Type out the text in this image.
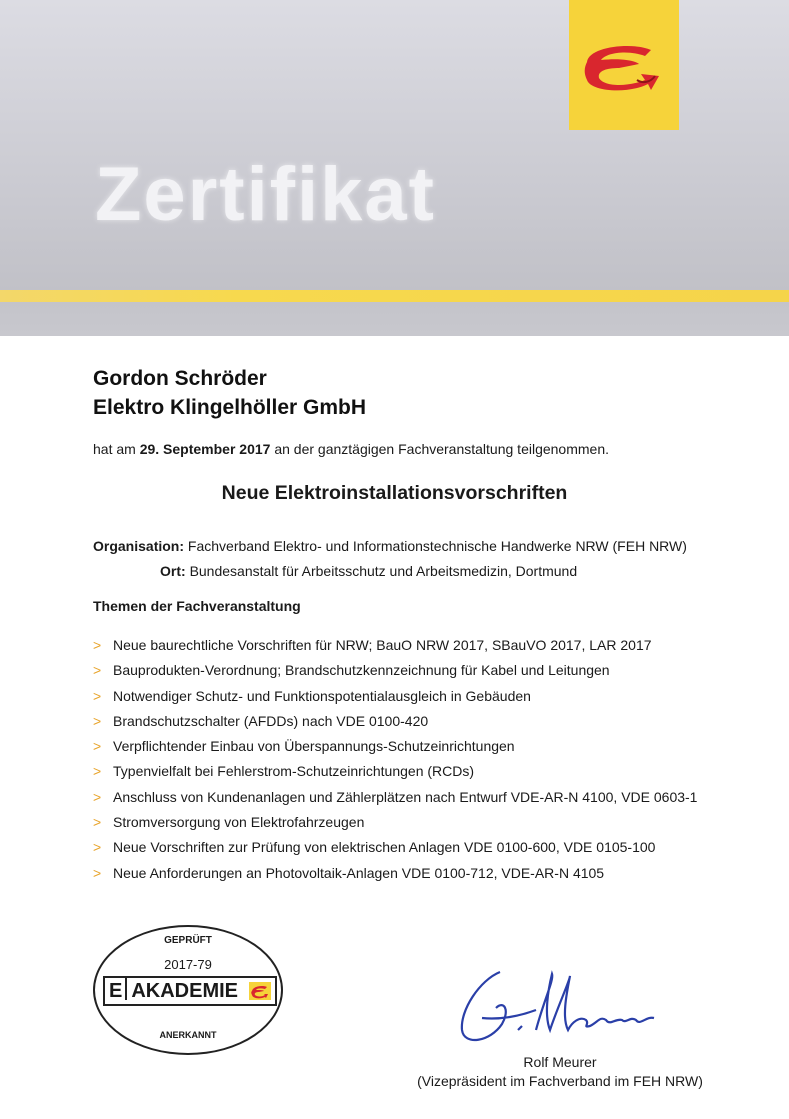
Zertifikat
Gordon Schröder
Elektro Klingelhöller GmbH
hat am 29. September 2017 an der ganztägigen Fachveranstaltung teilgenommen.
Neue Elektroinstallationsvorschriften
Organisation: Fachverband Elektro- und Informationstechnische Handwerke NRW (FEH NRW)
Ort: Bundesanstalt für Arbeitsschutz und Arbeitsmedizin, Dortmund
Themen der Fachveranstaltung
> Neue baurechtliche Vorschriften für NRW; BauO NRW 2017, SBauVO 2017, LAR 2017
> Bauprodukten-Verordnung; Brandschutzkennzeichnung für Kabel und Leitungen
> Notwendiger Schutz- und Funktionspotentialausgleich in Gebäuden
> Brandschutzschalter (AFDDs) nach VDE 0100-420
> Verpflichtender Einbau von Überspannungs-Schutzeinrichtungen
> Typenvielfalt bei Fehlerstrom-Schutzeinrichtungen (RCDs)
> Anschluss von Kundenanlagen und Zählerplätzen nach Entwurf VDE-AR-N 4100, VDE 0603-1
> Stromversorgung von Elektrofahrzeugen
> Neue Vorschriften zur Prüfung von elektrischen Anlagen VDE 0100-600, VDE 0105-100
> Neue Anforderungen an Photovoltaik-Anlagen VDE 0100-712, VDE-AR-N 4105
GEPRÜFT
2017-79
E AKADEMIE
ANERKANNT
Rolf Meurer
(Vizepräsident im Fachverband im FEH NRW)
